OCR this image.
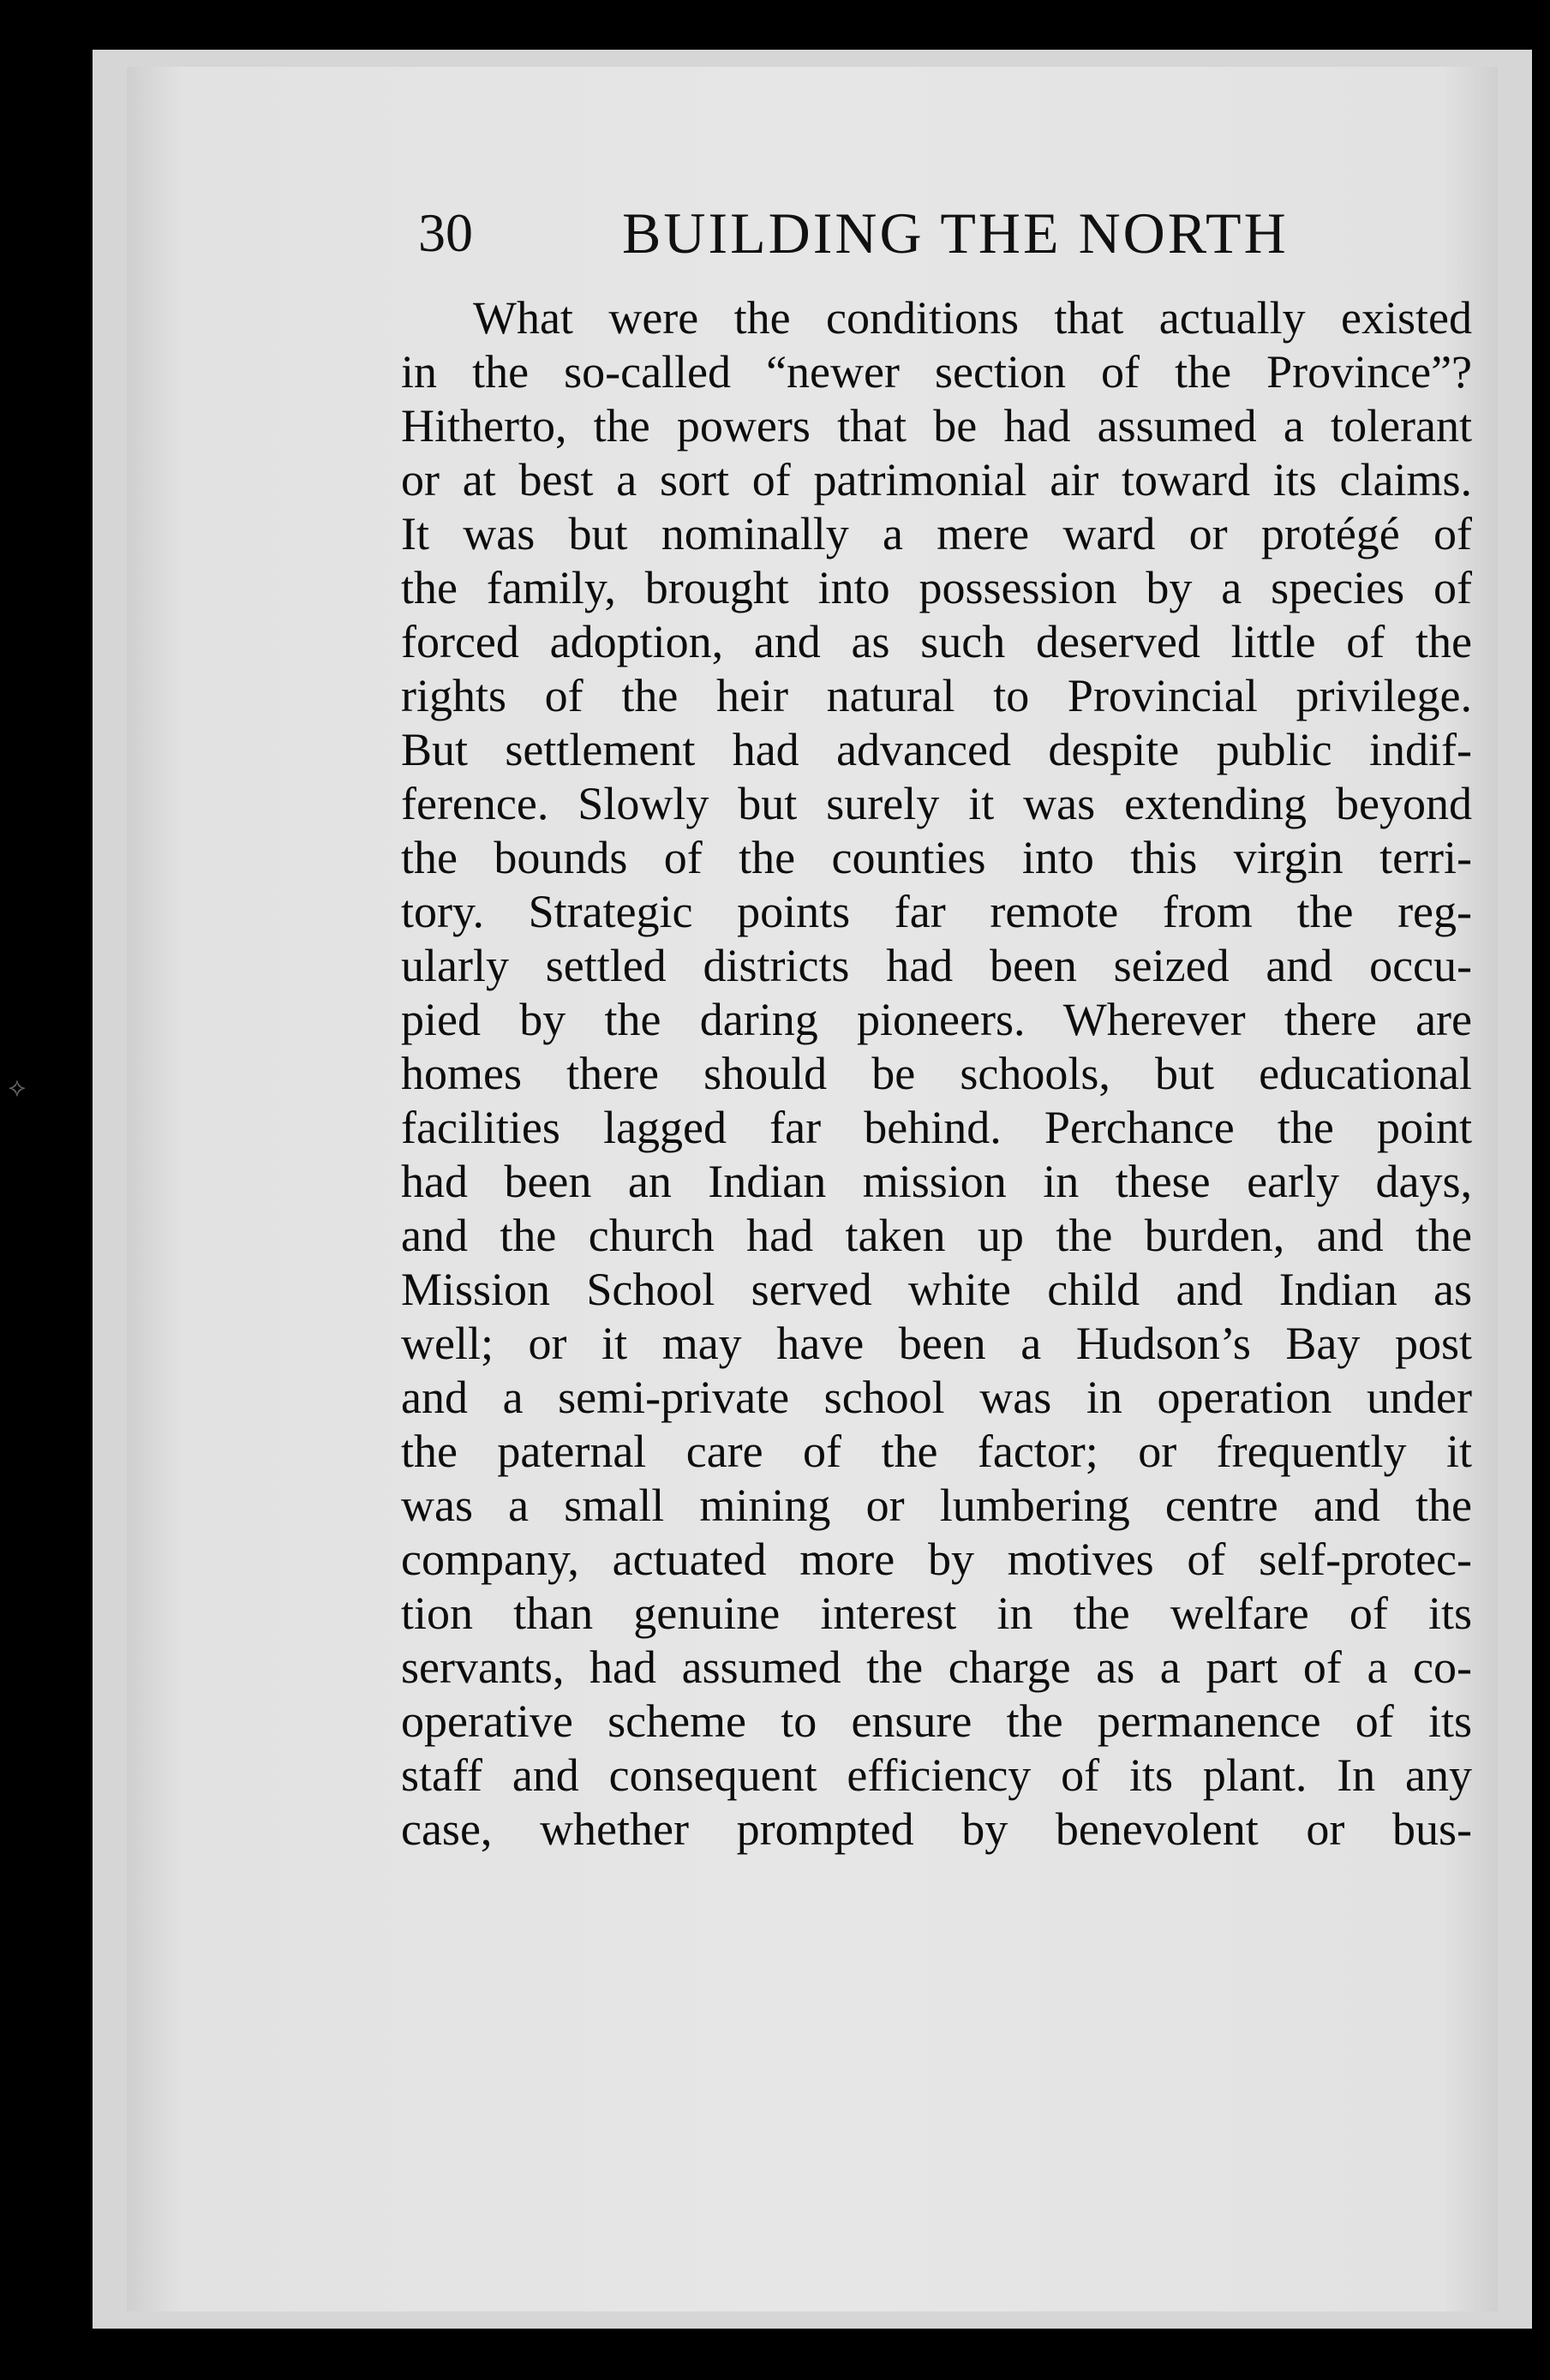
⟡
30	BUILDING THE NORTH
What were the conditions that actually existed
in the so-called “newer section of the Province”?
Hitherto, the powers that be had assumed a tolerant
or at best a sort of patrimonial air toward its claims.
It was but nominally a mere ward or protégé of
the family, brought into possession by a species of
forced adoption, and as such deserved little of the
rights of the heir natural to Provincial privilege.
But settlement had advanced despite public indif-
ference. Slowly but surely it was extending beyond
the bounds of the counties into this virgin terri-
tory. Strategic points far remote from the reg-
ularly settled districts had been seized and occu-
pied by the daring pioneers. Wherever there are
homes there should be schools, but educational
facilities lagged far behind. Perchance the point
had been an Indian mission in these early days,
and the church had taken up the burden, and the
Mission School served white child and Indian as
well; or it may have been a Hudson’s Bay post
and a semi-private school was in operation under
the paternal care of the factor; or frequently it
was a small mining or lumbering centre and the
company, actuated more by motives of self-protec-
tion than genuine interest in the welfare of its
servants, had assumed the charge as a part of a co-
operative scheme to ensure the permanence of its
staff and consequent efficiency of its plant. In any
case, whether prompted by benevolent or bus-
